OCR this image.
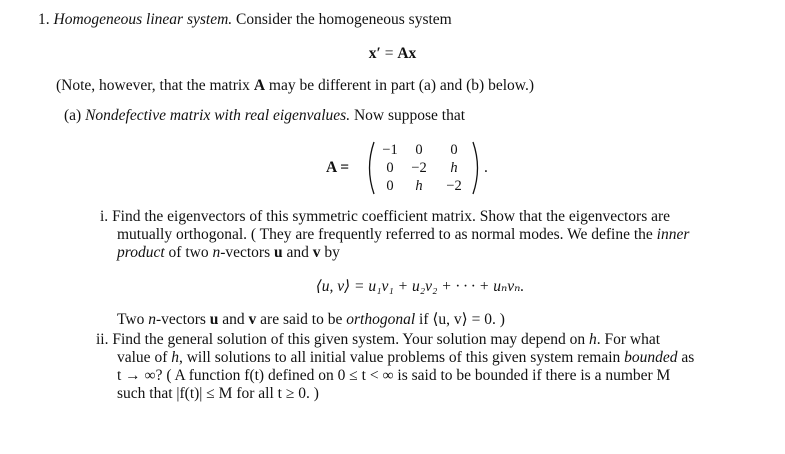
1. Homogeneous linear system. Consider the homogeneous system
x′ = Ax
(Note, however, that the matrix A may be different in part (a) and (b) below.)
(a) Nondefective matrix with real eigenvalues. Now suppose that
A =
−1	0	0
0	−2	h
0	h	−2
.
i. Find the eigenvectors of this symmetric coefficient matrix. Show that the eigenvectors are
mutually orthogonal. ( They are frequently referred to as normal modes. We define the inner
product of two n-vectors u and v by
⟨u, v⟩ = u₁v₁ + u₂v₂ + · · · + uₙvₙ.
Two n-vectors u and v are said to be orthogonal if ⟨u, v⟩ = 0. )
ii. Find the general solution of this given system. Your solution may depend on h. For what
value of h, will solutions to all initial value problems of this given system remain bounded as
t → ∞? ( A function f(t) defined on 0 ≤ t < ∞ is said to be bounded if there is a number M
such that |f(t)| ≤ M for all t ≥ 0. )
